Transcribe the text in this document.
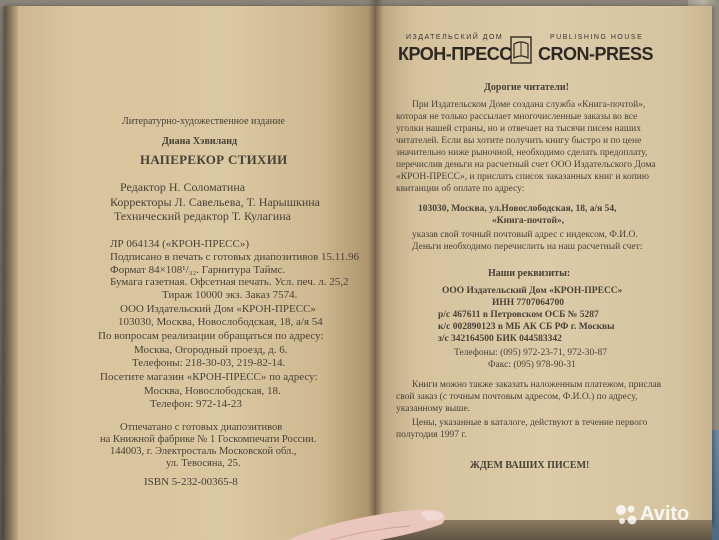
Литературно-художественное издание
Диана Хэвиланд
НАПЕРЕКОР СТИХИИ
Редактор Н. Соломатина
Корректоры Л. Савельева, Т. Нарышкина
Технический редактор Т. Кулагина
ЛР 064134 («КРОН-ПРЕСС»)
Подписано в печать с готовых диапозитивов 15.11.96
Формат 84×108¹/₃₂. Гарнитура Таймс.
Бумага газетная. Офсетная печать. Усл. печ. л. 25,2
Тираж 10000 экз. Заказ 7574.
ООО Издательский Дом «КРОН-ПРЕСС»
103030, Москва, Новослободская, 18, а/я 54
По вопросам реализации обращаться по адресу:
Москва, Огородный проезд, д. 6.
Телефоны: 218-30-03, 219-82-14.
Посетите магазин «КРОН-ПРЕСС» по адресу:
Москва, Новослободская, 18.
Телефон: 972-14-23
Отпечатано с готовых диапозитивов
на Книжной фабрике № 1 Госкомпечати России.
144003, г. Электросталь Московской обл.,
ул. Тевосяна, 25.
ISBN 5-232-00365-8
ИЗДАТЕЛЬСКИЙ ДОМ
КРОН-ПРЕСС
PUBLISHING HOUSE
CRON-PRESS
Дорогие читатели!
При Издательском Доме создана служба «Книга-почтой»,
которая не только рассылает многочисленные заказы во все
уголки нашей страны, но и отвечает на тысячи писем наших
читателей. Если вы хотите получить книгу быстро и по цене
значительно ниже рыночной, необходимо сделать предоплату,
перечислив деньги на расчетный счет ООО Издательского Дома
«КРОН-ПРЕСС», и прислать список заказанных книг и копию
квитанции об оплате по адресу:
103030, Москва, ул.Новослободская, 18, а/я 54,
«Книга-почтой»,
указав свой точный почтовый адрес с индексом, Ф.И.О.
Деньги необходимо перечислить на наш расчетный счет:
Наши реквизиты:
ООО Издательский Дом «КРОН-ПРЕСС»
ИНН 7707064700
р/с 467611 в Петровском ОСБ № 5287
к/с 002890123 в МБ АК СБ РФ г. Москвы
з/с 342164500 БИК 044583342
Телефоны: (095) 972-23-71, 972-30-87
Факс: (095) 978-90-31
Книги можно также заказать наложенным платежом, прислав
свой заказ (с точным почтовым адресом, Ф.И.О.) по адресу,
указанному выше.
Цены, указанные в каталоге, действуют в течение первого
полугодия 1997 г.
ЖДЕМ ВАШИХ ПИСЕМ!
Avito
